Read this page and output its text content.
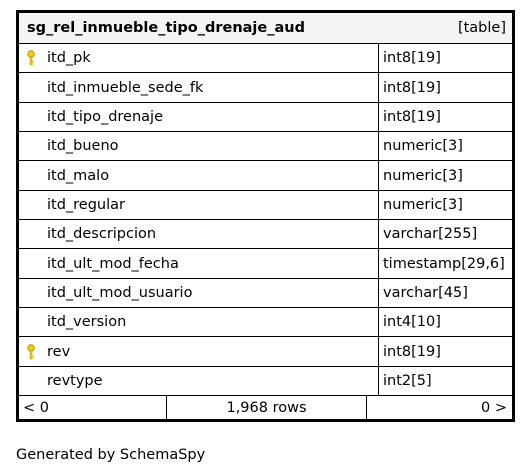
sg_rel_inmueble_tipo_drenaje_aud	[table]
itd_pk	int8[19]
itd_inmueble_sede_fk	int8[19]
itd_tipo_drenaje	int8[19]
itd_bueno	numeric[3]
itd_malo	numeric[3]
itd_regular	numeric[3]
itd_descripcion	varchar[255]
itd_ult_mod_fecha	timestamp[29,6]
itd_ult_mod_usuario	varchar[45]
itd_version	int4[10]
rev	int8[19]
revtype	int2[5]
< 0	1,968 rows	0 >
Generated by SchemaSpy
